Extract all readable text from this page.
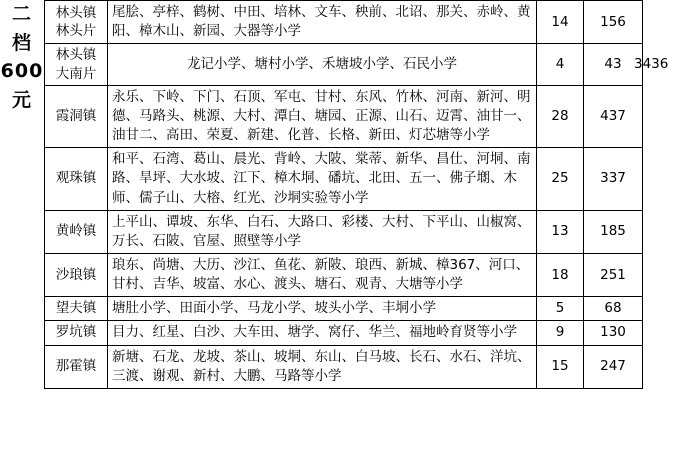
二
档
600
元
林头镇
林头片	尾脍、亭梓、鹤树、中田、培林、文车、秧前、北诏、那关、赤岭、黄阳、樟木山、新园、大器等小学	14	156

林头镇
大南片	龙记小学、塘村小学、禾塘坡小学、石民小学	4	43
霞洞镇	永乐、下岭、下门、石顶、军屯、甘村、东风、竹林、河南、新河、明德、马路头、桃源、大村、潭白、塘园、正源、山石、迈霄、油甘一、油甘二、高田、荣夏、新建、化普、长格、新田、灯芯塘等小学	28	437
观珠镇	和平、石湾、葛山、晨光、背岭、大陂、棠蒂、新华、昌仕、河垌、南路、旱坪、大水坡、江下、樟木垌、磻坑、北田、五一、佛子㙟、木师、儒子山、大榕、红光、沙垌实验等小学	25	337
黄岭镇	上平山、谭坡、东华、白石、大路口、彩楼、大村、下平山、山椒窝、万长、石陂、官屋、照壁等小学	13	185
沙琅镇	琅东、尚塘、大历、沙江、鱼花、新陂、琅西、新城、樟367、河口、甘村、吉华、坡富、水心、渡头、塘石、观青、大塘等小学	18	251
望夫镇	塘肚小学、田面小学、马龙小学、坡头小学、丰垌小学	5	68
罗坑镇	目力、红星、白沙、大车田、塘学、窝仔、华兰、福地岭育贤等小学	9	130
那霍镇	新塘、石龙、龙坡、茶山、坡垌、东山、白马坡、长石、水石、洋坑、三渡、谢观、新村、大鹏、马路等小学	15	247
3436
